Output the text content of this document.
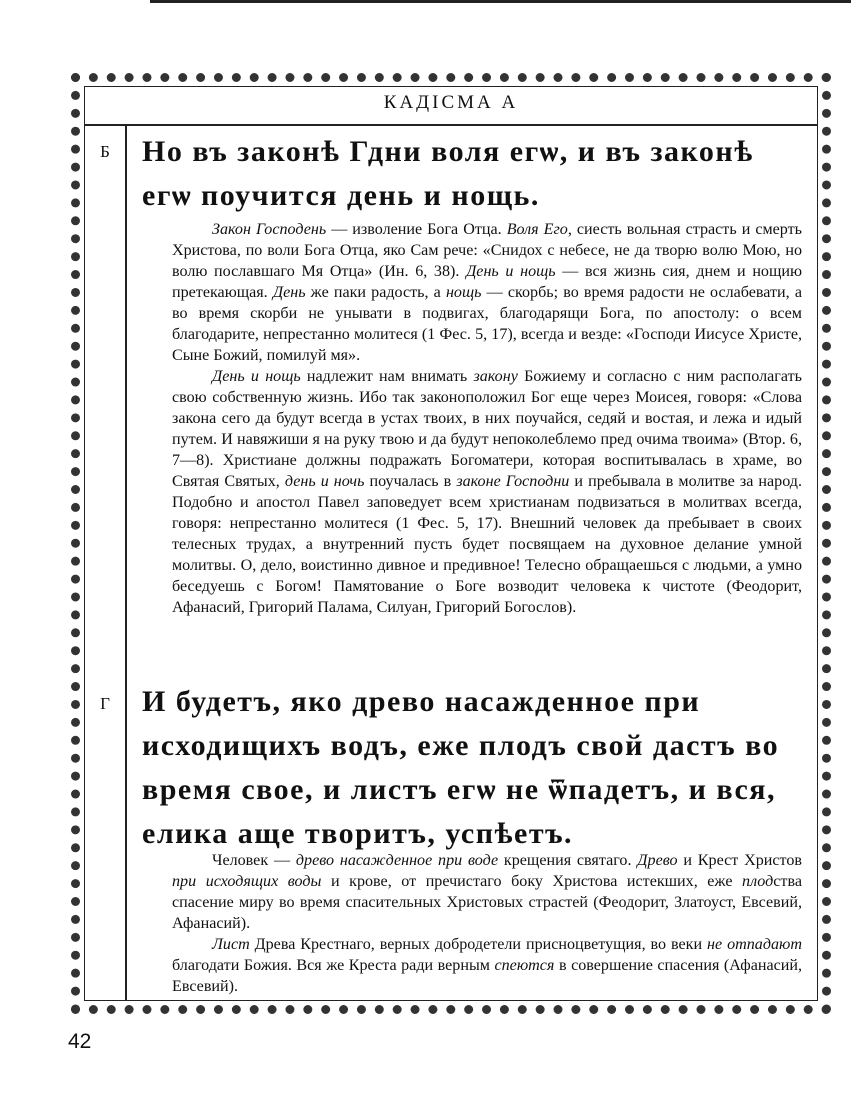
КАДІСМА А
Б	Но въ законѣ Гдни воля егѡ, и въ законѣ егѡ поучится день и нощь.

Закон Господень — изволение Бога Отца. Воля Его, сиесть вольная страсть и смерть Христова, по воли Бога Отца, яко Сам рече: «Снидох с небесе, не да творю волю Мою, но волю пославшаго Мя Отца» (Ин. 6, 38). День и нощь — вся жизнь сия, днем и нощию претекающая. День же паки радость, а нощь — скорбь; во время радости не ослабевати, а во время скорби не унывати в подвигах, благодарящи Бога, по апостолу: о всем благодарите, непрестанно молитеся (1 Фес. 5, 17), всегда и везде: «Господи Иисусе Христе, Сыне Божий, помилуй мя».

День и нощь надлежит нам внимать закону Божиему и согласно с ним располагать свою собственную жизнь. Ибо так законоположил Бог еще через Моисея, говоря: «Слова закона сего да будут всегда в устах твоих, в них поучайся, седяй и востая, и лежа и идый путем. И навяжиши я на руку твою и да будут непоколеблемо пред очима твоима» (Втор. 6, 7—8). Христиане должны подражать Богоматери, которая воспитывалась в храме, во Святая Святых, день и ночь поучалась в законе Господни и пребывала в молитве за народ. Подобно и апостол Павел заповедует всем христианам подвизаться в молитвах всегда, говоря: непрестанно молитеся (1 Фес. 5, 17). Внешний человек да пребывает в своих телесных трудах, а внутренний пусть будет посвящаем на духовное делание умной молитвы. О, дело, воистинно дивное и предивное! Телесно обращаешься с людьми, а умно беседуешь с Богом! Памятование о Боге возводит человека к чистоте (Феодорит, Афанасий, Григорий Палама, Силуан, Григорий Богослов).

Г	И будетъ, яко древо насажденное при исходищихъ водъ, еже плодъ свой дастъ во время свое, и листъ егѡ не ѿпадетъ, и вся, елика аще творитъ, успѣетъ.

Человек — древо насажденное при воде крещения святаго. Древо и Крест Христов при исходящих воды и крове, от пречистаго боку Христова истекших, еже плодства спасение миру во время спасительных Христовых страстей (Феодорит, Златоуст, Евсевий, Афанасий).

Лист Древа Крестнаго, верных добродетели присноцветущия, во веки не отпадают благодати Божия. Вся же Креста ради верным спеются в совершение спасения (Афанасий, Евсевий).

42
